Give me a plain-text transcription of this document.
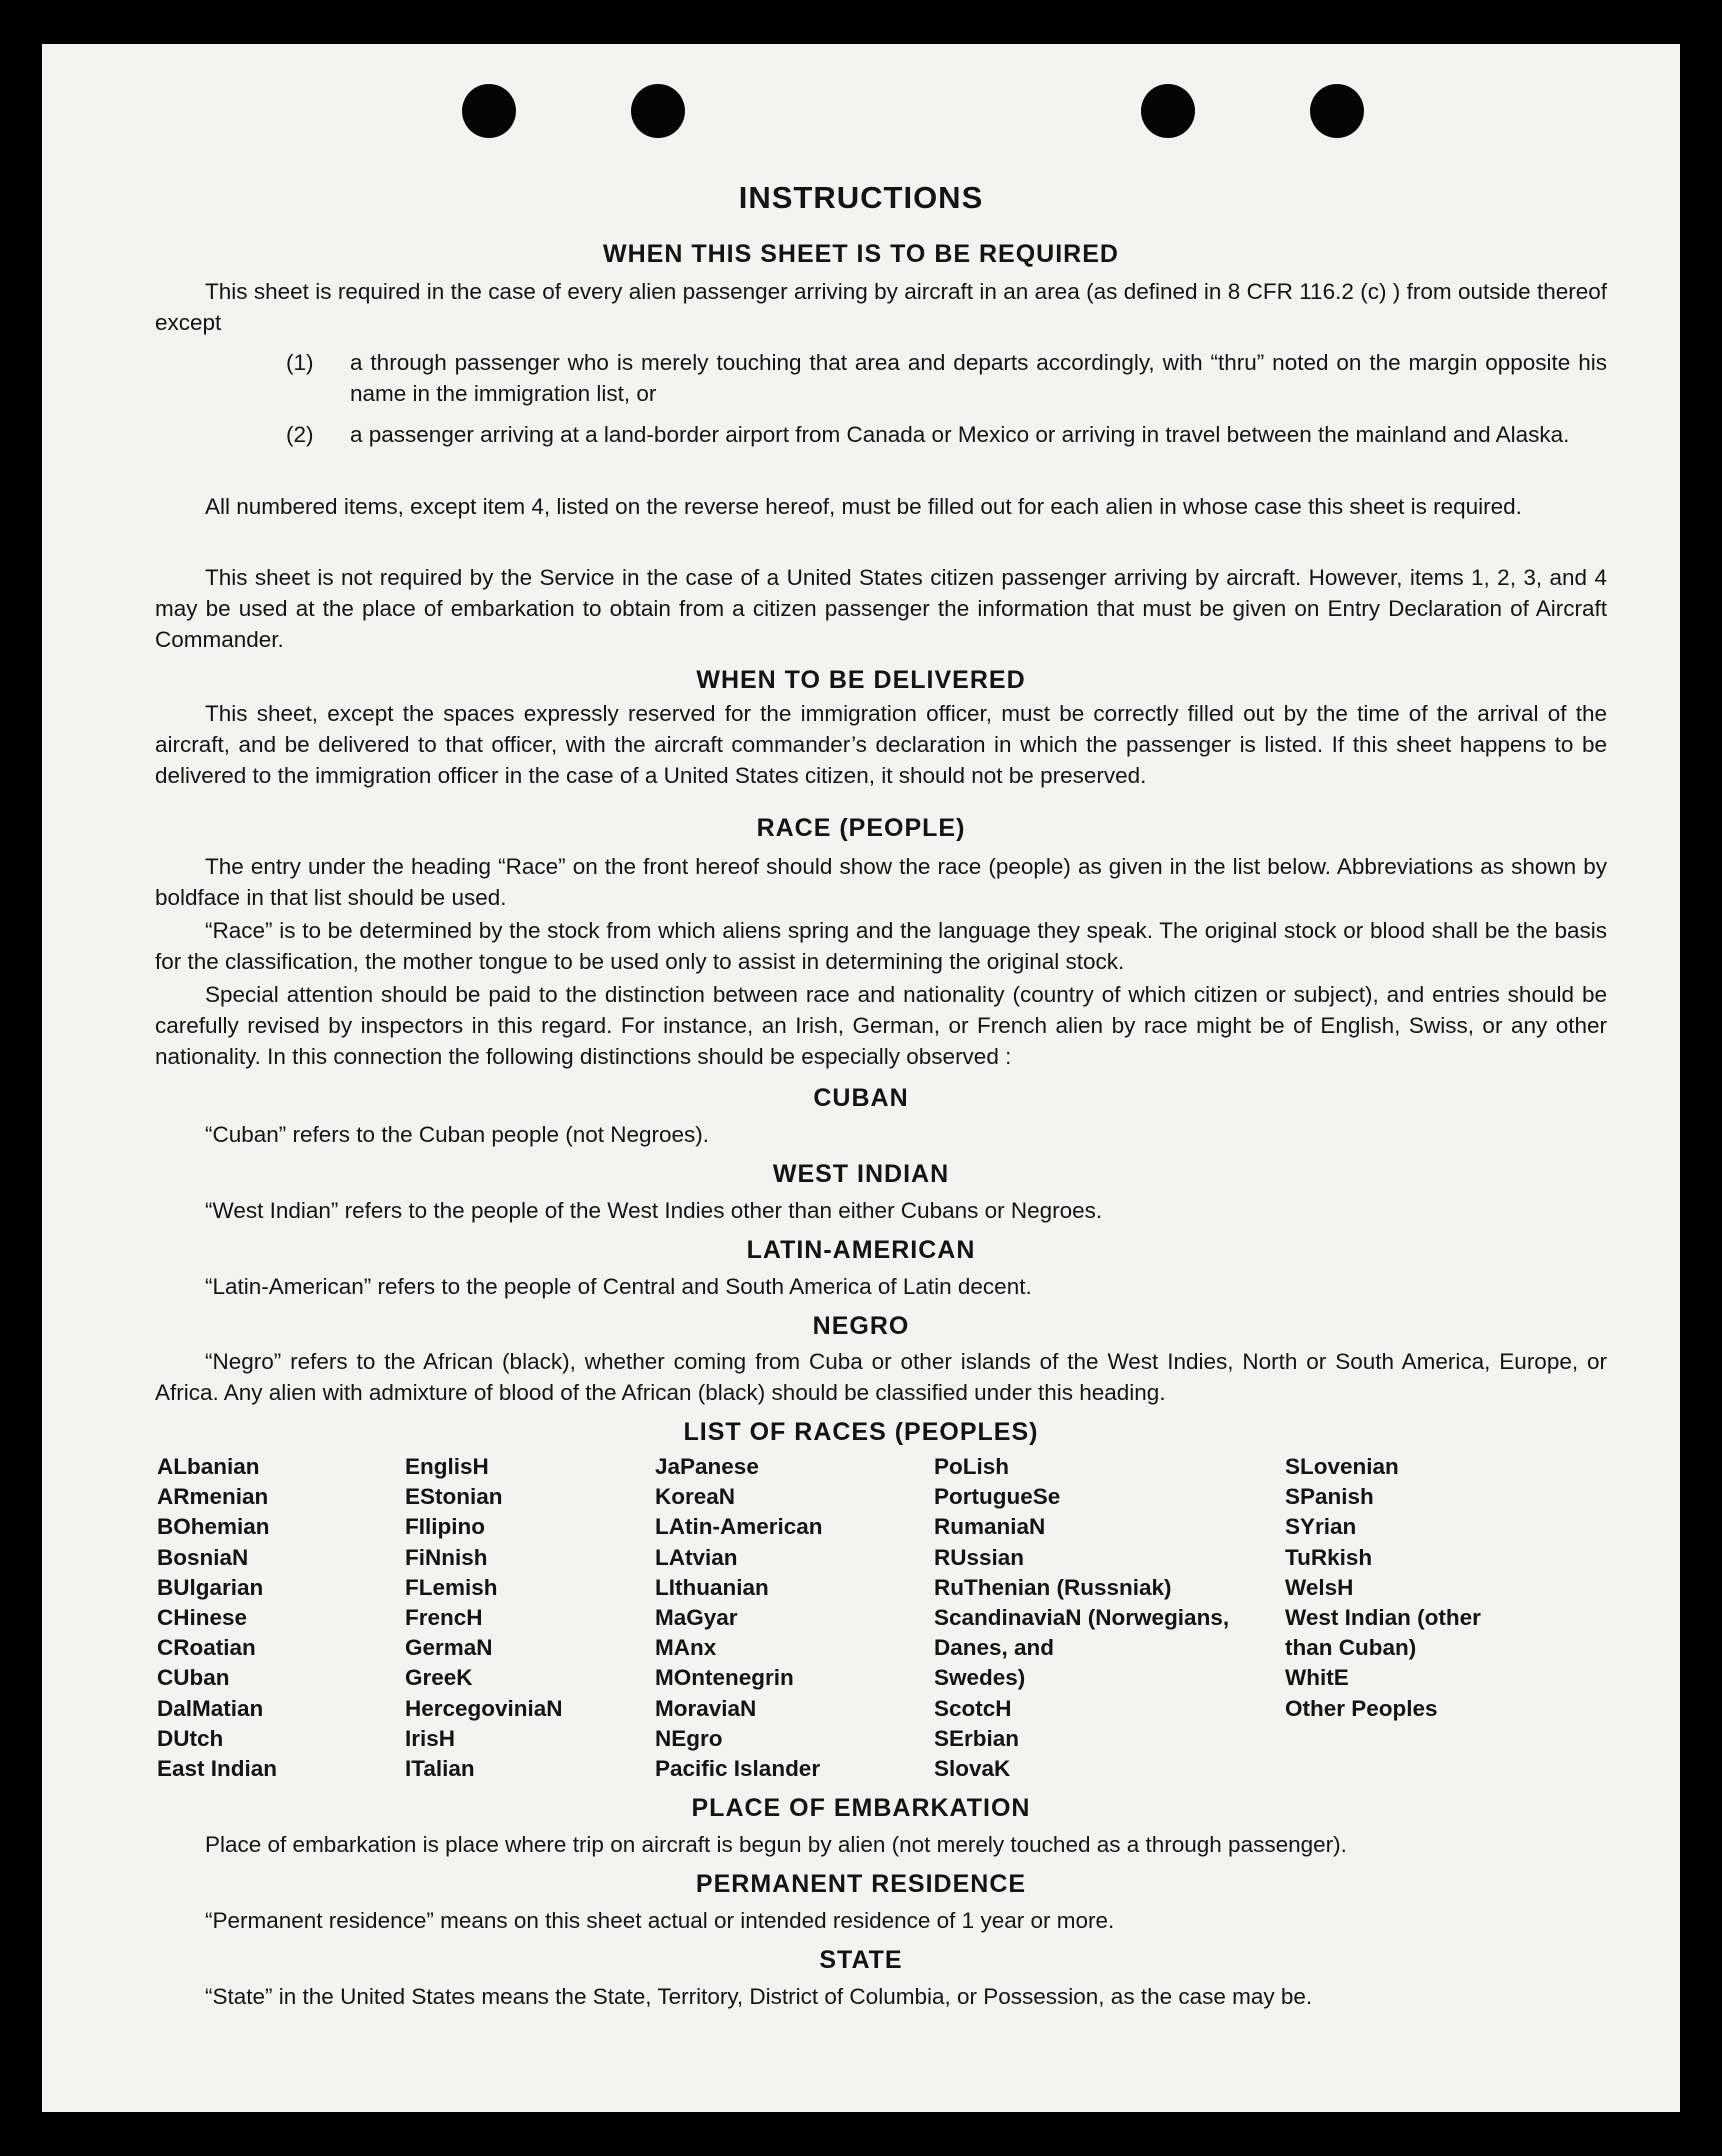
INSTRUCTIONS
WHEN THIS SHEET IS TO BE REQUIRED
This sheet is required in the case of every alien passenger arriving by aircraft in an area (as defined in 8 CFR 116.2 (c) ) from outside thereof except
(1) a through passenger who is merely touching that area and departs accordingly, with “thru” noted on the margin opposite his name in the immigration list, or
(2) a passenger arriving at a land-border airport from Canada or Mexico or arriving in travel between the mainland and Alaska.
All numbered items, except item 4, listed on the reverse hereof, must be filled out for each alien in whose case this sheet is required.
This sheet is not required by the Service in the case of a United States citizen passenger arriving by aircraft. However, items 1, 2, 3, and 4 may be used at the place of embarkation to obtain from a citizen passenger the information that must be given on Entry Declaration of Aircraft Commander.
WHEN TO BE DELIVERED
This sheet, except the spaces expressly reserved for the immigration officer, must be correctly filled out by the time of the arrival of the aircraft, and be delivered to that officer, with the aircraft commander’s declaration in which the passenger is listed. If this sheet happens to be delivered to the immigration officer in the case of a United States citizen, it should not be preserved.
RACE (PEOPLE)
The entry under the heading “Race” on the front hereof should show the race (people) as given in the list below. Abbreviations as shown by boldface in that list should be used.
“Race” is to be determined by the stock from which aliens spring and the language they speak. The original stock or blood shall be the basis for the classification, the mother tongue to be used only to assist in determining the original stock.
Special attention should be paid to the distinction between race and nationality (country of which citizen or subject), and entries should be carefully revised by inspectors in this regard. For instance, an Irish, German, or French alien by race might be of English, Swiss, or any other nationality. In this connection the following distinctions should be especially observed :
CUBAN
“Cuban” refers to the Cuban people (not Negroes).
WEST INDIAN
“West Indian” refers to the people of the West Indies other than either Cubans or Negroes.
LATIN-AMERICAN
“Latin-American” refers to the people of Central and South America of Latin decent.
NEGRO
“Negro” refers to the African (black), whether coming from Cuba or other islands of the West Indies, North or South America, Europe, or Africa. Any alien with admixture of blood of the African (black) should be classified under this heading.
LIST OF RACES (PEOPLES)
ALbanian
ARmenian
BOhemian
BosniaN
BUlgarian
CHinese
CRoatian
CUban
DalMatian
DUtch
East Indian
EnglisH
EStonian
FIlipino
FiNnish
FLemish
FrencH
GermaN
GreeK
HercegoviniaN
IrisH
ITalian
JaPanese
KoreaN
LAtin-American
LAtvian
LIthuanian
MaGyar
MAnx
MOntenegrin
MoraviaN
NEgro
Pacific Islander
PoLish
PortugueSe
RumaniaN
RUssian
RuThenian (Russniak)
ScandinaviaN (Norwegians,
Danes, and
Swedes)
ScotcH
SErbian
SlovaK
SLovenian
SPanish
SYrian
TuRkish
WelsH
West Indian (other
than Cuban)
WhitE
Other Peoples
PLACE OF EMBARKATION
Place of embarkation is place where trip on aircraft is begun by alien (not merely touched as a through passenger).
PERMANENT RESIDENCE
“Permanent residence” means on this sheet actual or intended residence of 1 year or more.
STATE
“State” in the United States means the State, Territory, District of Columbia, or Possession, as the case may be.
